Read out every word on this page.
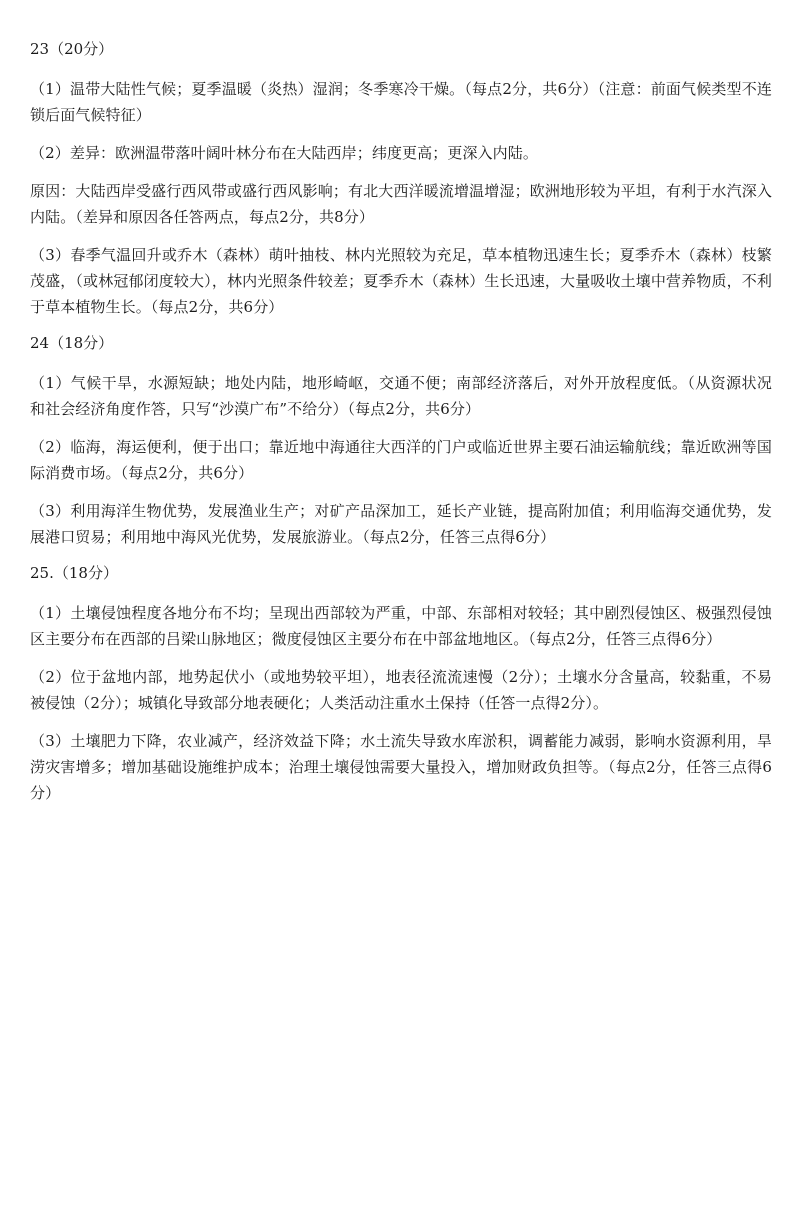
23（20分）

（1）温带大陆性气候；夏季温暖（炎热）湿润；冬季寒冷干燥。（每点2分，共6分）（注意：前面气候类型不连锁后面气候特征）

（2）差异：欧洲温带落叶阔叶林分布在大陆西岸；纬度更高；更深入内陆。

原因：大陆西岸受盛行西风带或盛行西风影响；有北大西洋暖流增温增湿；欧洲地形较为平坦，有利于水汽深入内陆。（差异和原因各任答两点，每点2分，共8分）

（3）春季气温回升或乔木（森林）萌叶抽枝、林内光照较为充足，草本植物迅速生长；夏季乔木（森林）枝繁茂盛，（或林冠郁闭度较大），林内光照条件较差；夏季乔木（森林）生长迅速，大量吸收土壤中营养物质，不利于草本植物生长。（每点2分，共6分）

24（18分）

（1）气候干旱，水源短缺；地处内陆，地形崎岖，交通不便；南部经济落后，对外开放程度低。（从资源状况和社会经济角度作答，只写“沙漠广布”不给分）（每点2分，共6分）

（2）临海，海运便利，便于出口；靠近地中海通往大西洋的门户或临近世界主要石油运输航线；靠近欧洲等国际消费市场。（每点2分，共6分）

（3）利用海洋生物优势，发展渔业生产；对矿产品深加工，延长产业链，提高附加值；利用临海交通优势，发展港口贸易；利用地中海风光优势，发展旅游业。（每点2分，任答三点得6分）

25.（18分）

（1）土壤侵蚀程度各地分布不均；呈现出西部较为严重，中部、东部相对较轻；其中剧烈侵蚀区、极强烈侵蚀区主要分布在西部的吕梁山脉地区；微度侵蚀区主要分布在中部盆地地区。（每点2分，任答三点得6分）

（2）位于盆地内部，地势起伏小（或地势较平坦），地表径流流速慢（2分）；土壤水分含量高，较黏重，不易被侵蚀（2分）；城镇化导致部分地表硬化；人类活动注重水土保持（任答一点得2分）。

（3）土壤肥力下降，农业减产，经济效益下降；水土流失导致水库淤积，调蓄能力减弱，影响水资源利用，旱涝灾害增多；增加基础设施维护成本；治理土壤侵蚀需要大量投入，增加财政负担等。（每点2分，任答三点得6分）
